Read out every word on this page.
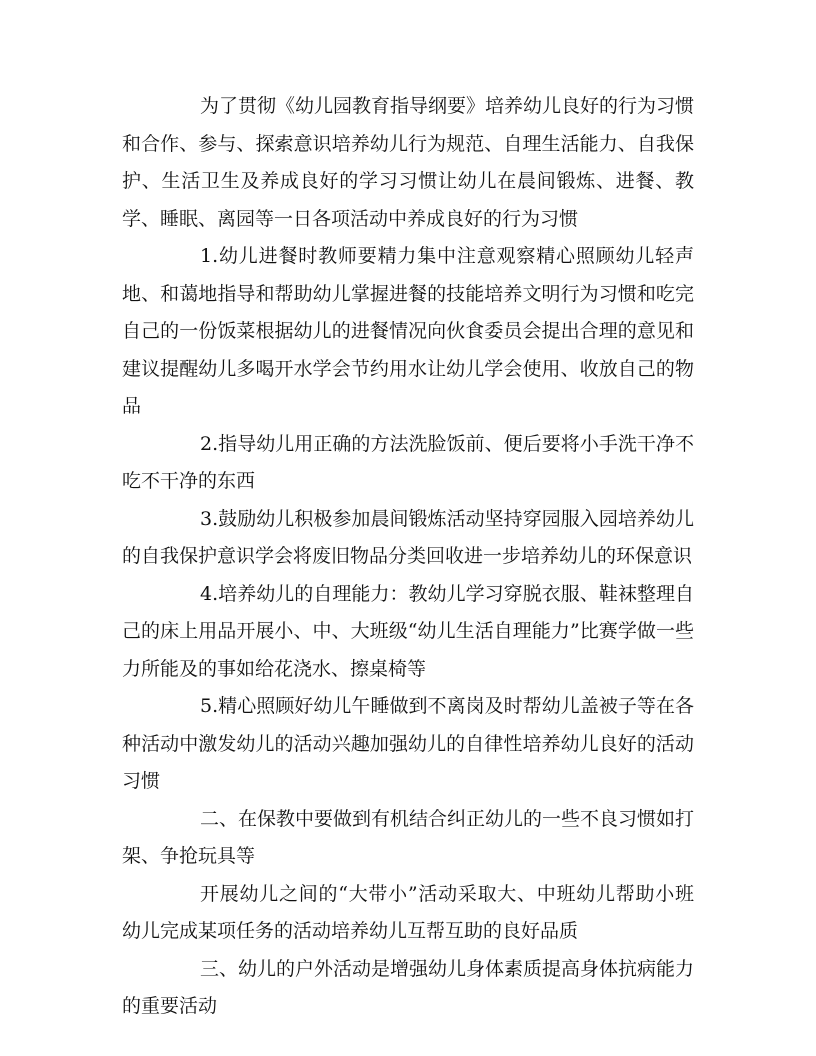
为了贯彻《幼儿园教育指导纲要》培养幼儿良好的行为习惯和合作、参与、探索意识培养幼儿行为规范、自理生活能力、自我保护、生活卫生及养成良好的学习习惯让幼儿在晨间锻炼、进餐、教学、睡眠、离园等一日各项活动中养成良好的行为习惯

1.幼儿进餐时教师要精力集中注意观察精心照顾幼儿轻声地、和蔼地指导和帮助幼儿掌握进餐的技能培养文明行为习惯和吃完自己的一份饭菜根据幼儿的进餐情况向伙食委员会提出合理的意见和建议提醒幼儿多喝开水学会节约用水让幼儿学会使用、收放自己的物品

2.指导幼儿用正确的方法洗脸饭前、便后要将小手洗干净不吃不干净的东西

3.鼓励幼儿积极参加晨间锻炼活动坚持穿园服入园培养幼儿的自我保护意识学会将废旧物品分类回收进一步培养幼儿的环保意识

4.培养幼儿的自理能力：教幼儿学习穿脱衣服、鞋袜整理自己的床上用品开展小、中、大班级“幼儿生活自理能力”比赛学做一些力所能及的事如给花浇水、擦桌椅等

5.精心照顾好幼儿午睡做到不离岗及时帮幼儿盖被子等在各种活动中激发幼儿的活动兴趣加强幼儿的自律性培养幼儿良好的活动习惯

二、在保教中要做到有机结合纠正幼儿的一些不良习惯如打架、争抢玩具等

开展幼儿之间的“大带小”活动采取大、中班幼儿帮助小班幼儿完成某项任务的活动培养幼儿互帮互助的良好品质

三、幼儿的户外活动是增强幼儿身体素质提高身体抗病能力的重要活动
